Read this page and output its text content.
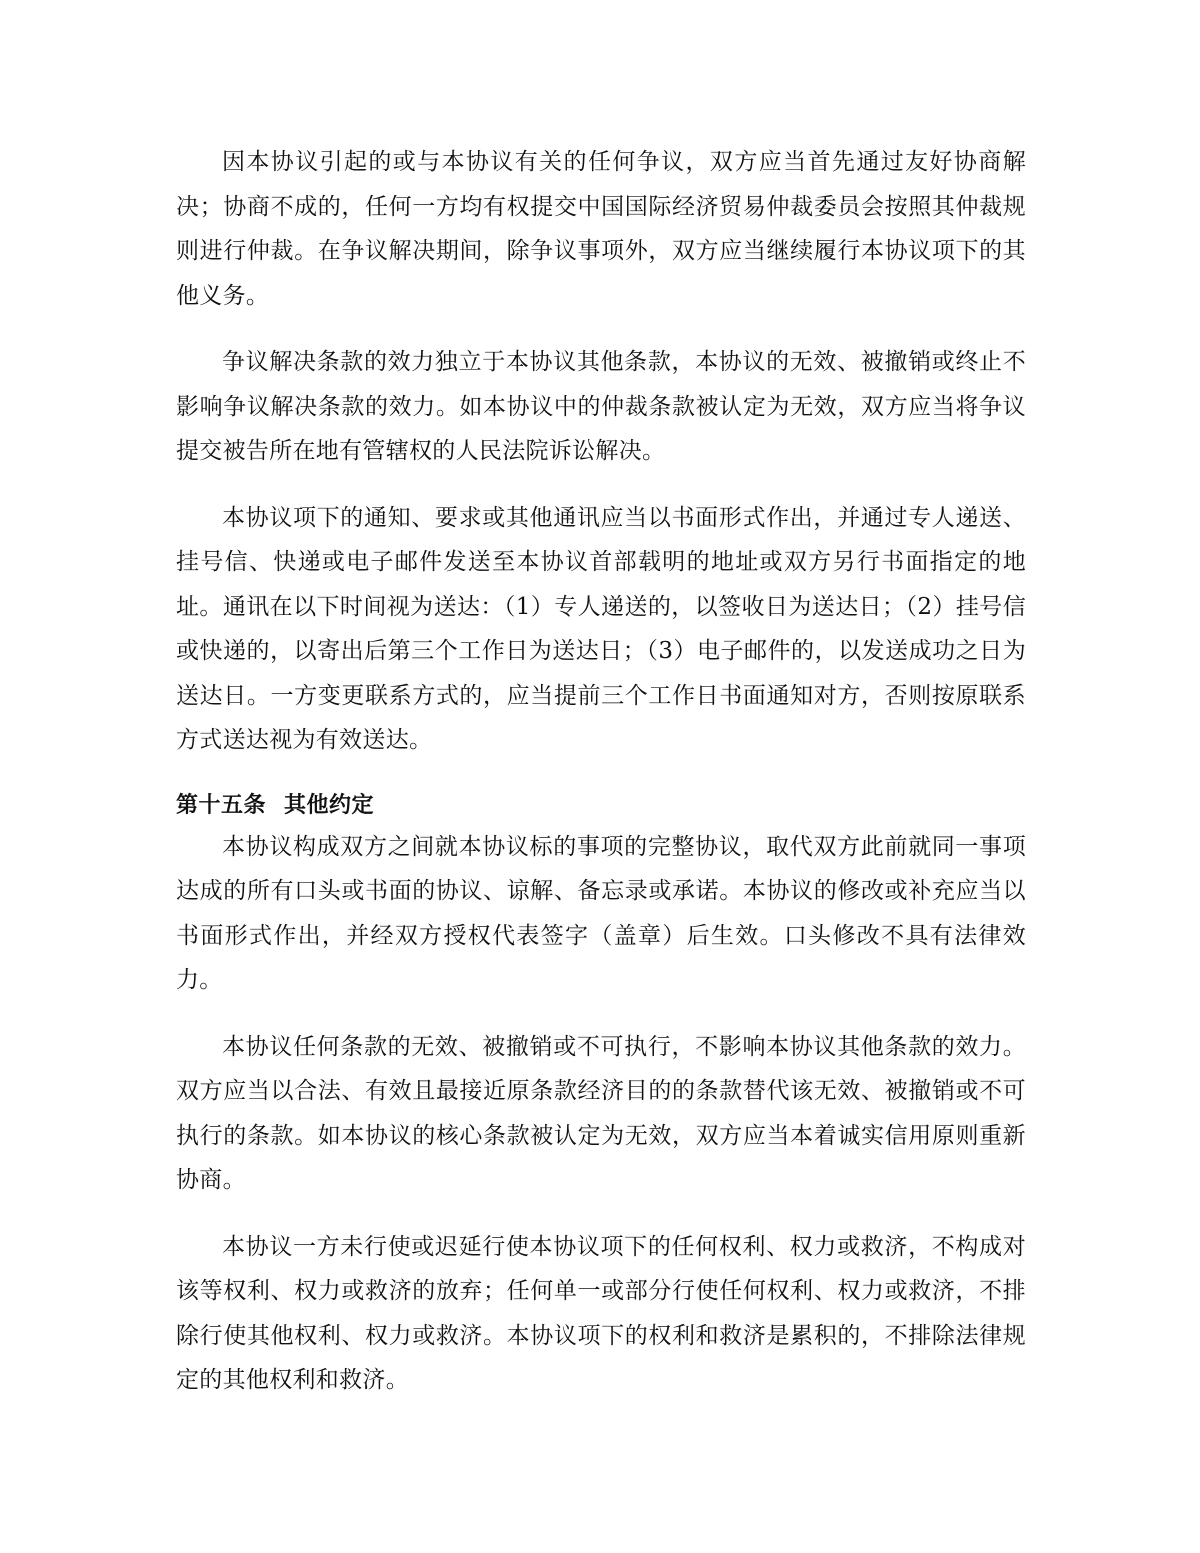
因本协议引起的或与本协议有关的任何争议，双方应当首先通过友好协商解决；协商不成的，任何一方均有权提交中国国际经济贸易仲裁委员会按照其仲裁规则进行仲裁。在争议解决期间，除争议事项外，双方应当继续履行本协议项下的其他义务。

争议解决条款的效力独立于本协议其他条款，本协议的无效、被撤销或终止不影响争议解决条款的效力。如本协议中的仲裁条款被认定为无效，双方应当将争议提交被告所在地有管辖权的人民法院诉讼解决。

本协议项下的通知、要求或其他通讯应当以书面形式作出，并通过专人递送、挂号信、快递或电子邮件发送至本协议首部载明的地址或双方另行书面指定的地址。通讯在以下时间视为送达：（1）专人递送的，以签收日为送达日；（2）挂号信或快递的，以寄出后第三个工作日为送达日；（3）电子邮件的，以发送成功之日为送达日。一方变更联系方式的，应当提前三个工作日书面通知对方，否则按原联系方式送达视为有效送达。

第十五条 其他约定

本协议构成双方之间就本协议标的事项的完整协议，取代双方此前就同一事项达成的所有口头或书面的协议、谅解、备忘录或承诺。本协议的修改或补充应当以书面形式作出，并经双方授权代表签字（盖章）后生效。口头修改不具有法律效力。

本协议任何条款的无效、被撤销或不可执行，不影响本协议其他条款的效力。双方应当以合法、有效且最接近原条款经济目的的条款替代该无效、被撤销或不可执行的条款。如本协议的核心条款被认定为无效，双方应当本着诚实信用原则重新协商。

本协议一方未行使或迟延行使本协议项下的任何权利、权力或救济，不构成对该等权利、权力或救济的放弃；任何单一或部分行使任何权利、权力或救济，不排除行使其他权利、权力或救济。本协议项下的权利和救济是累积的，不排除法律规定的其他权利和救济。
